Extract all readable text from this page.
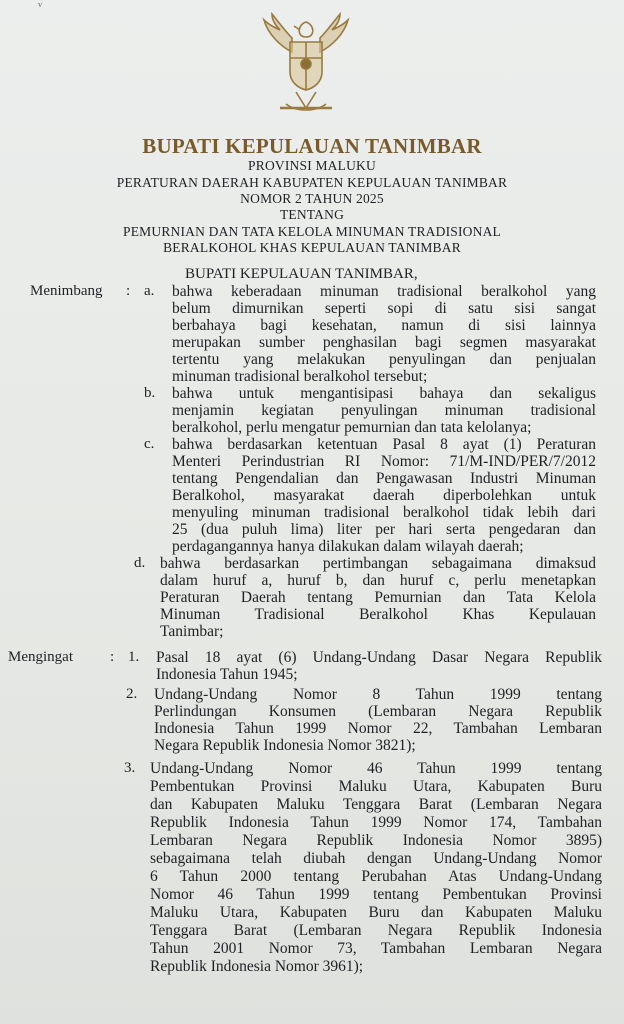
ᵛ
BUPATI KEPULAUAN TANIMBAR
PROVINSI MALUKU
PERATURAN DAERAH KABUPATEN KEPULAUAN TANIMBAR
NOMOR 2 TAHUN 2025
TENTANG
PEMURNIAN DAN TATA KELOLA MINUMAN TRADISIONAL
BERALKOHOL KHAS KEPULAUAN TANIMBAR
BUPATI KEPULAUAN TANIMBAR,
Menimbang : a. bahwa keberadaan minuman tradisional beralkohol yang
belum dimurnikan seperti sopi di satu sisi sangat
berbahaya bagi kesehatan, namun di sisi lainnya
merupakan sumber penghasilan bagi segmen masyarakat
tertentu yang melakukan penyulingan dan penjualan
minuman tradisional beralkohol tersebut;
b. bahwa untuk mengantisipasi bahaya dan sekaligus
menjamin kegiatan penyulingan minuman tradisional
beralkohol, perlu mengatur pemurnian dan tata kelolanya;
c. bahwa berdasarkan ketentuan Pasal 8 ayat (1) Peraturan
Menteri Perindustrian RI Nomor: 71/M-IND/PER/7/2012
tentang Pengendalian dan Pengawasan Industri Minuman
Beralkohol, masyarakat daerah diperbolehkan untuk
menyuling minuman tradisional beralkohol tidak lebih dari
25 (dua puluh lima) liter per hari serta pengedaran dan
perdagangannya hanya dilakukan dalam wilayah daerah;
d. bahwa berdasarkan pertimbangan sebagaimana dimaksud
dalam huruf a, huruf b, dan huruf c, perlu menetapkan
Peraturan Daerah tentang Pemurnian dan Tata Kelola
Minuman Tradisional Beralkohol Khas Kepulauan
Tanimbar;
Mengingat : 1. Pasal 18 ayat (6) Undang-Undang Dasar Negara Republik
Indonesia Tahun 1945;
2. Undang-Undang Nomor 8 Tahun 1999 tentang
Perlindungan Konsumen (Lembaran Negara Republik
Indonesia Tahun 1999 Nomor 22, Tambahan Lembaran
Negara Republik Indonesia Nomor 3821);
3. Undang-Undang Nomor 46 Tahun 1999 tentang
Pembentukan Provinsi Maluku Utara, Kabupaten Buru
dan Kabupaten Maluku Tenggara Barat (Lembaran Negara
Republik Indonesia Tahun 1999 Nomor 174, Tambahan
Lembaran Negara Republik Indonesia Nomor 3895)
sebagaimana telah diubah dengan Undang-Undang Nomor
6 Tahun 2000 tentang Perubahan Atas Undang-Undang
Nomor 46 Tahun 1999 tentang Pembentukan Provinsi
Maluku Utara, Kabupaten Buru dan Kabupaten Maluku
Tenggara Barat (Lembaran Negara Republik Indonesia
Tahun 2001 Nomor 73, Tambahan Lembaran Negara
Republik Indonesia Nomor 3961);
